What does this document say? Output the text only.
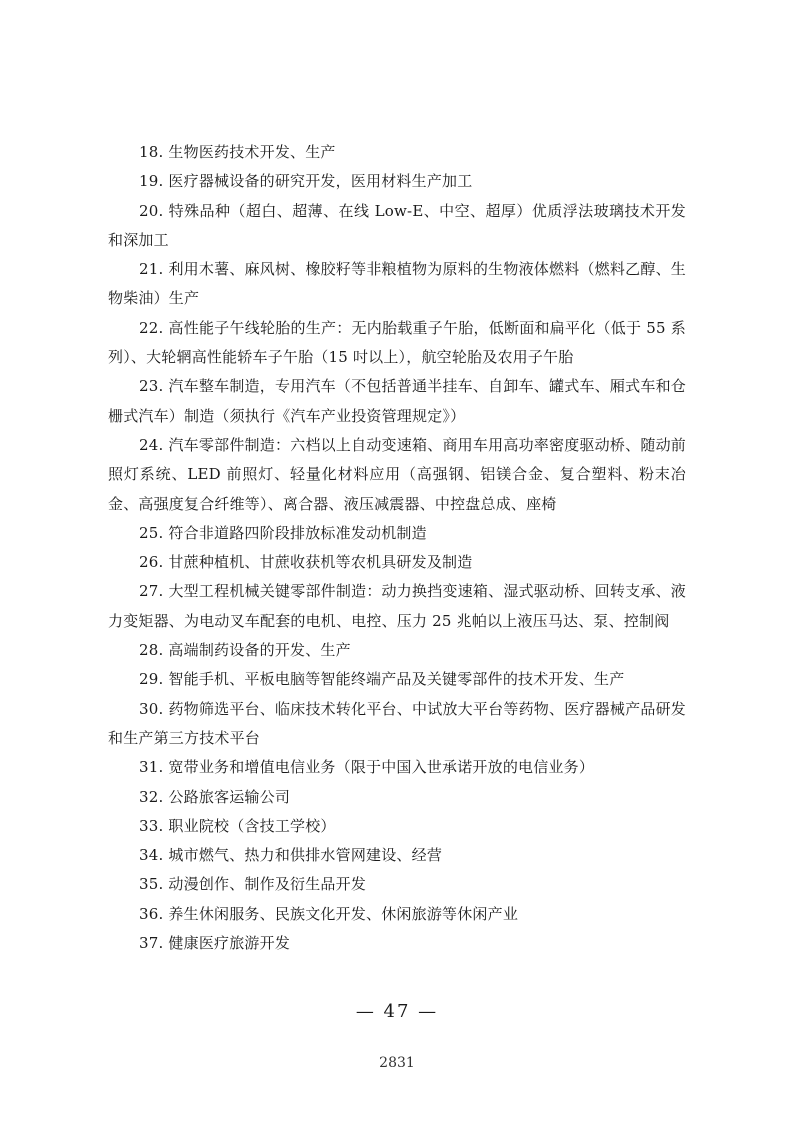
18. 生物医药技术开发、生产

19. 医疗器械设备的研究开发，医用材料生产加工

20. 特殊品种（超白、超薄、在线 Low-E、中空、超厚）优质浮法玻璃技术开发和深加工

21. 利用木薯、麻风树、橡胶籽等非粮植物为原料的生物液体燃料（燃料乙醇、生物柴油）生产

22. 高性能子午线轮胎的生产：无内胎载重子午胎，低断面和扁平化（低于 55 系列）、大轮辋高性能轿车子午胎（15 吋以上），航空轮胎及农用子午胎

23. 汽车整车制造，专用汽车（不包括普通半挂车、自卸车、罐式车、厢式车和仓栅式汽车）制造（须执行《汽车产业投资管理规定》）

24. 汽车零部件制造：六档以上自动变速箱、商用车用高功率密度驱动桥、随动前照灯系统、LED 前照灯、轻量化材料应用（高强钢、铝镁合金、复合塑料、粉末冶金、高强度复合纤维等）、离合器、液压减震器、中控盘总成、座椅

25. 符合非道路四阶段排放标准发动机制造

26. 甘蔗种植机、甘蔗收获机等农机具研发及制造

27. 大型工程机械关键零部件制造：动力换挡变速箱、湿式驱动桥、回转支承、液力变矩器、为电动叉车配套的电机、电控、压力 25 兆帕以上液压马达、泵、控制阀

28. 高端制药设备的开发、生产

29. 智能手机、平板电脑等智能终端产品及关键零部件的技术开发、生产

30. 药物筛选平台、临床技术转化平台、中试放大平台等药物、医疗器械产品研发和生产第三方技术平台

31. 宽带业务和增值电信业务（限于中国入世承诺开放的电信业务）

32. 公路旅客运输公司

33. 职业院校（含技工学校）

34. 城市燃气、热力和供排水管网建设、经营

35. 动漫创作、制作及衍生品开发

36. 养生休闲服务、民族文化开发、休闲旅游等休闲产业

37. 健康医疗旅游开发

— 47 —
2831
